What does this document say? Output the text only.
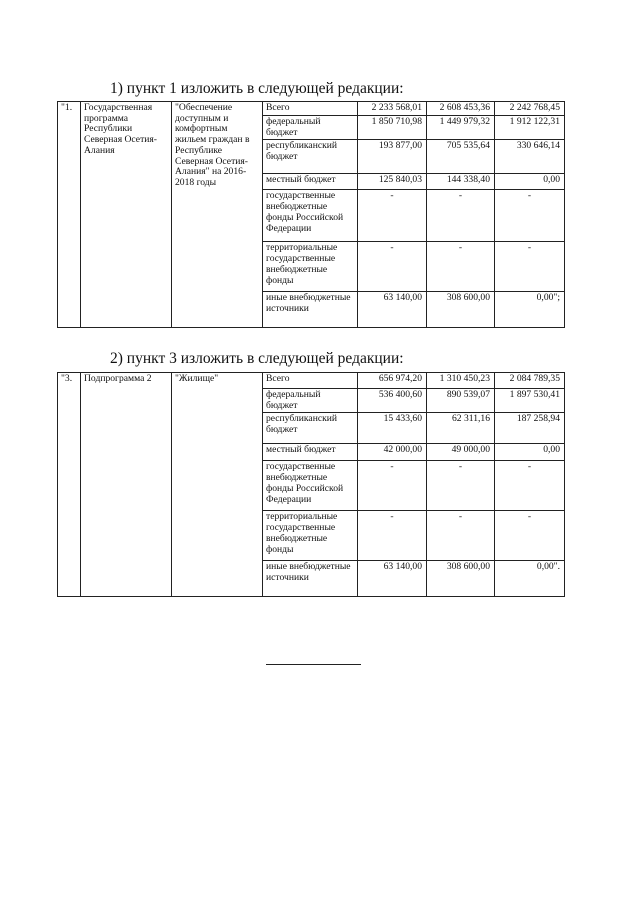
1) пункт 1 изложить в следующей редакции:
"1.	Государственная программа Республики Северная Осетия-Алания	"Обеспечение доступным и комфортным жильем граждан в Республике Северная Осетия-Алания" на 2016-2018 годы	Всего	2 233 568,01	2 608 453,36	2 242 768,45
			федеральный бюджет	1 850 710,98	1 449 979,32	1 912 122,31
			республиканский бюджет	193 877,00	705 535,64	330 646,14
			местный бюджет	125 840,03	144 338,40	0,00
			государственные внебюджетные фонды Российской Федерации	-	-	-
			территориальные государственные внебюджетные фонды	-	-	-
			иные внебюджетные источники	63 140,00	308 600,00	0,00";
2) пункт 3 изложить в следующей редакции:
"3.	Подпрограмма 2	"Жилище"	Всего	656 974,20	1 310 450,23	2 084 789,35
			федеральный бюджет	536 400,60	890 539,07	1 897 530,41
			республиканский бюджет	15 433,60	62 311,16	187 258,94
			местный бюджет	42 000,00	49 000,00	0,00
			государственные внебюджетные фонды Российской Федерации	-	-	-
			территориальные государственные внебюджетные фонды	-	-	-
			иные внебюджетные источники	63 140,00	308 600,00	0,00".
